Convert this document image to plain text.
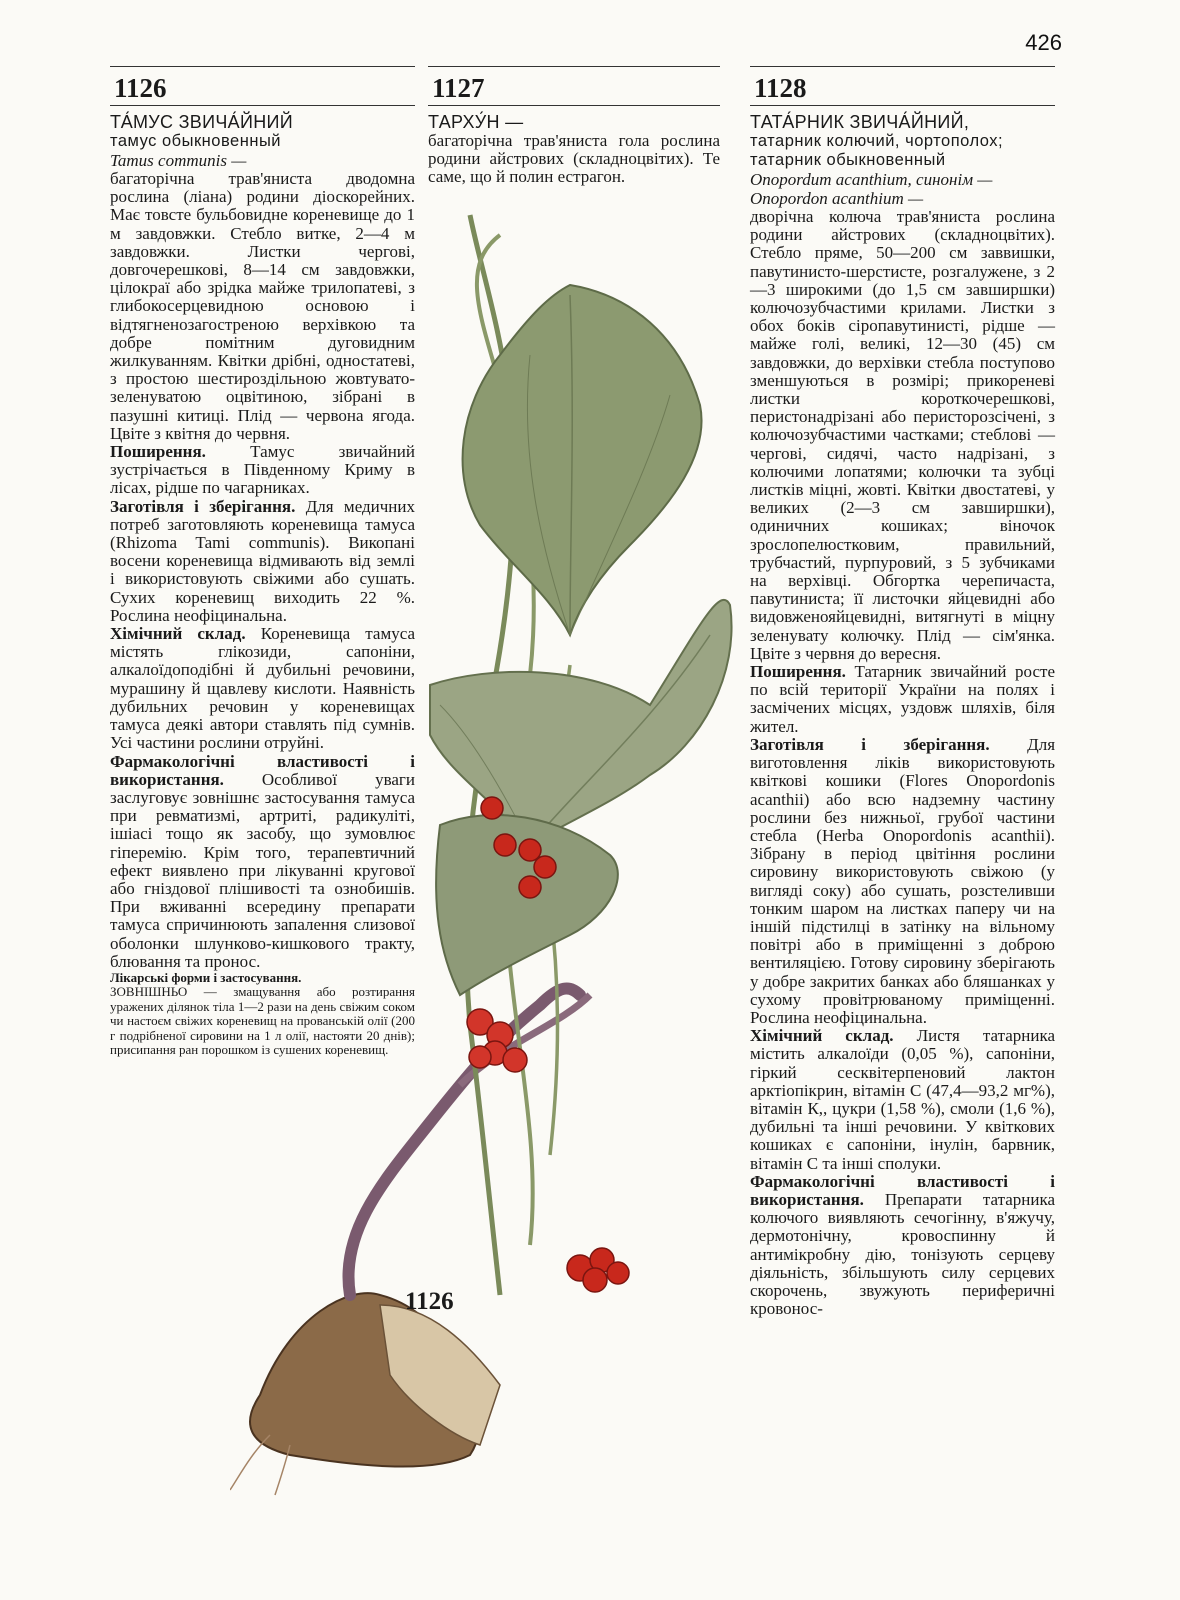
426
1126
ТА́МУС ЗВИЧА́ЙНИЙ
тамус обыкновенный
Tamus communis —
багаторічна трав'яниста дводомна рослина (ліана) родини діоскорейних. Має товсте бульбовидне кореневище до 1 м завдовжки. Стебло витке, 2—4 м завдовжки. Листки чергові, довгочерешкові, 8—14 см завдовжки, цілокраї або зрідка майже трилопатеві, з глибокосерцевидною основою і відтягненозагостреною верхівкою та добре помітним дуговидним жилкуванням. Квітки дрібні, одностатеві, з простою шестироздільною жовтувато-зеленуватою оцвітиною, зібрані в пазушні китиці. Плід — червона ягода. Цвіте з квітня до червня.
Поширення.	Тамус звичайний зустрічається в Південному Криму в лісах, рідше по чагарниках.
Заготівля і зберігання. Для медичних потреб заготовляють кореневища тамуса (Rhizoma Tami communis). Викопані восени кореневища відмивають від землі і використовують свіжими або сушать. Сухих кореневищ виходить 22 %. Рослина неофіцинальна.
Хімічний склад. Кореневища тамуса містять глікозиди, сапоніни, алкалоїдоподібні й дубильні речовини, мурашину й щавлеву кислоти. Наявність дубильних речовин у кореневищах тамуса деякі автори ставлять під сумнів. Усі частини рослини отруйні.
Фармакологічні властивості і використання. Особливої уваги заслуговує зовнішнє застосування тамуса при ревматизмі, артриті, радикуліті, ішіасі тощо як засобу, що зумовлює гіперемію. Крім того, терапевтичний ефект виявлено при лікуванні кругової або гніздової плішивості та ознобишів. При вживанні всередину препарати тамуса спричинюють запалення слизової оболонки шлунково-кишкового тракту, блювання та пронос.
Лікарські форми і застосування.
ЗОВНІШНЬО — змащування або розтирання уражених ділянок тіла 1—2 рази на день свіжим соком чи настоєм свіжих кореневищ на прованській олії (200 г подрібненої сировини на 1 л олії, настояти 20 днів); присипання ран порошком із сушених кореневищ.
1127
ТАРХУ́Н —
багаторічна трав'яниста гола рослина родини айстрових (складноцвітих). Те саме, що й полин естрагон.
1128
ТАТА́РНИК ЗВИЧА́ЙНИЙ,
татарник колючий, чортополох;
татарник обыкновенный
Onopordum acanthium, синонім — Onopordon acanthium —
дворічна колюча трав'яниста рослина родини айстрових (складноцвітих). Стебло пряме, 50—200 см заввишки, павутинисто-шерстисте, розгалужене, з 2—3 широкими (до 1,5 см завширшки) колючозубчастими крилами. Листки з обох боків сіропавутинисті, рідше — майже голі, великі, 12—30 (45) см завдовжки, до верхівки стебла поступово зменшуються в розмірі; прикореневі листки короткочерешкові, перистонадрізані або перисторозсічені, з колючозубчастими частками; стеблові — чергові, сидячі, часто надрізані, з колючими лопатями; колючки та зубці листків міцні, жовті. Квітки двостатеві, у великих (2—3 см завширшки), одиничних кошиках; віночок зрослопелюстковим, правильний, трубчастий, пурпуровий, з 5 зубчиками на верхівці. Обгортка черепичаста, павутиниста; її листочки яйцевидні або видовженояйцевидні, витягнуті в міцну зеленувату колючку. Плід — сім'янка. Цвіте з червня до вересня.
Поширення. Татарник звичайний росте по всій території України на полях і засмічених місцях, уздовж шляхів, біля жител.
Заготівля і зберігання. Для виготовлення ліків використовують квіткові кошики (Flores Onopordonis acanthii) або всю надземну частину рослини без нижньої, грубої частини стебла (Herba Onopordonis acanthii). Зібрану в період цвітіння рослини сировину використовують свіжою (у вигляді соку) або сушать, розстеливши тонким шаром на листках паперу чи на іншій підстилці в затінку на вільному повітрі або в приміщенні з доброю вентиляцією. Готову сировину зберігають у добре закритих банках або бляшанках у сухому провітрюваному приміщенні. Рослина неофіцинальна.
Хімічний склад. Листя татарника містить алкалоїди (0,05 %), сапоніни, гіркий сесквітерпеновий лактон арктіопікрин, вітамін С (47,4—93,2 мг%), вітамін К,, цукри (1,58 %), смоли (1,6 %), дубильні та інші речовини. У квіткових кошиках є сапоніни, інулін, барвник, вітамін С та інші сполуки.
Фармакологічні властивості і використання. Препарати татарника колючого виявляють сечогінну, в'яжучу, дермотонічну, кровоспинну й антимікробну дію, тонізують серцеву діяльність, збільшують силу серцевих скорочень, звужують периферичні кровонос-
1126
